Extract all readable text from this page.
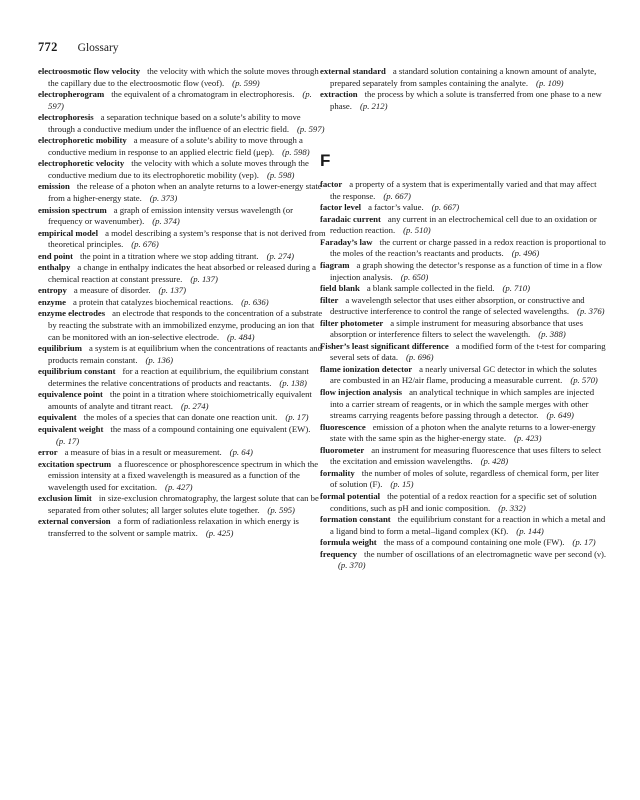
772 Glossary

electroosmotic flow velocity the velocity with which the solute moves through the capillary due to the electroosmotic flow (νeof). (p. 599)

electropherogram the equivalent of a chromatogram in electrophoresis. (p. 597)

electrophoresis a separation technique based on a solute’s ability to move through a conductive medium under the influence of an electric field. (p. 597)

electrophoretic mobility a measure of a solute’s ability to move through a conductive medium in response to an applied electric field (μep). (p. 598)

electrophoretic velocity the velocity with which a solute moves through the conductive medium due to its electrophoretic mobility (νep). (p. 598)

emission the release of a photon when an analyte returns to a lower-energy state from a higher-energy state. (p. 373)

emission spectrum a graph of emission intensity versus wavelength (or frequency or wavenumber). (p. 374)

empirical model a model describing a system’s response that is not derived from theoretical principles. (p. 676)

end point the point in a titration where we stop adding titrant. (p. 274)

enthalpy a change in enthalpy indicates the heat absorbed or released during a chemical reaction at constant pressure. (p. 137)

entropy a measure of disorder. (p. 137)

enzyme a protein that catalyzes biochemical reactions. (p. 636)

enzyme electrodes an electrode that responds to the concentration of a substrate by reacting the substrate with an immobilized enzyme, producing an ion that can be monitored with an ion-selective electrode. (p. 484)

equilibrium a system is at equilibrium when the concentrations of reactants and products remain constant. (p. 136)

equilibrium constant for a reaction at equilibrium, the equilibrium constant determines the relative concentrations of products and reactants. (p. 138)

equivalence point the point in a titration where stoichiometrically equivalent amounts of analyte and titrant react. (p. 274)

equivalent the moles of a species that can donate one reaction unit. (p. 17)

equivalent weight the mass of a compound containing one equivalent (EW).(p. 17)

error a measure of bias in a result or measurement. (p. 64)

excitation spectrum a fluorescence or phosphorescence spectrum in which the emission intensity at a fixed wavelength is measured as a function of the wavelength used for excitation. (p. 427)

exclusion limit in size-exclusion chromatography, the largest solute that can be separated from other solutes; all larger solutes elute together. (p. 595)

external conversion a form of radiationless relaxation in which energy is transferred to the solvent or sample matrix. (p. 425)

external standard a standard solution containing a known amount of analyte, prepared separately from samples containing the analyte. (p. 109)

extraction the process by which a solute is transferred from one phase to a new phase. (p. 212)

F

factor a property of a system that is experimentally varied and that may affect the response. (p. 667)

factor level a factor’s value. (p. 667)

faradaic current any current in an electrochemical cell due to an oxidation or reduction reaction. (p. 510)

Faraday’s law the current or charge passed in a redox reaction is proportional to the moles of the reaction’s reactants and products. (p. 496)

fiagram a graph showing the detector’s response as a function of time in a flow injection analysis. (p. 650)

field blank a blank sample collected in the field. (p. 710)

filter a wavelength selector that uses either absorption, or constructive and destructive interference to control the range of selected wavelengths. (p. 376)

filter photometer a simple instrument for measuring absorbance that uses absorption or interference filters to select the wavelength. (p. 388)

Fisher’s least significant difference a modified form of the t-test for comparing several sets of data. (p. 696)

flame ionization detector a nearly universal GC detector in which the solutes are combusted in an H2/air flame, producing a measurable current. (p. 570)

flow injection analysis an analytical technique in which samples are injected into a carrier stream of reagents, or in which the sample merges with other streams carrying reagents before passing through a detector. (p. 649)

fluorescence emission of a photon when the analyte returns to a lower-energy state with the same spin as the higher-energy state. (p. 423)

fluorometer an instrument for measuring fluorescence that uses filters to select the excitation and emission wavelengths. (p. 428)

formality the number of moles of solute, regardless of chemical form, per liter of solution (F). (p. 15)

formal potential the potential of a redox reaction for a specific set of solution conditions, such as pH and ionic composition. (p. 332)

formation constant the equilibrium constant for a reaction in which a metal and a ligand bind to form a metal–ligand complex (Kf). (p. 144)

formula weight the mass of a compound containing one mole (FW). (p. 17)

frequency the number of oscillations of an electromagnetic wave per second (ν).(p. 370)
